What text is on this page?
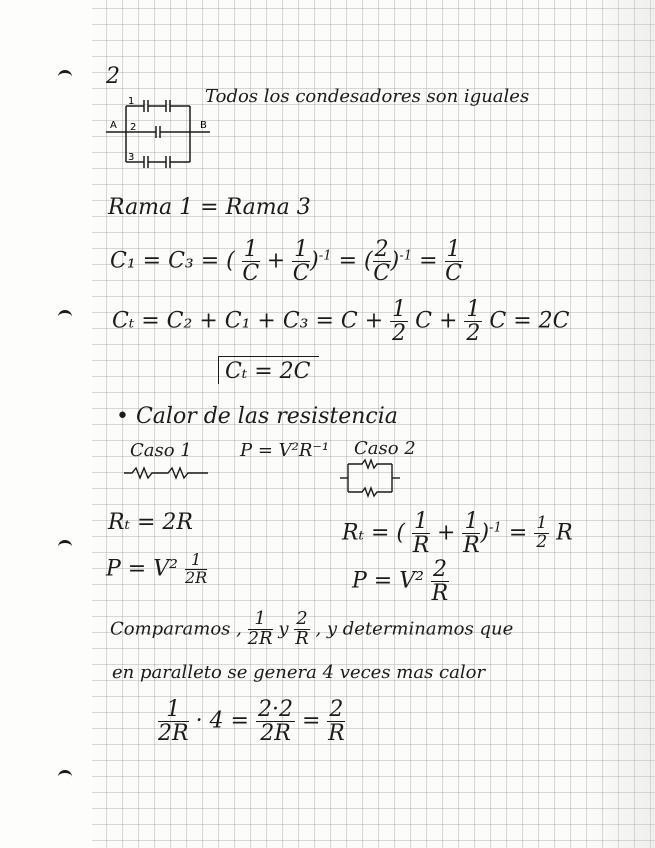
2
1
2
3
A	B
Todos los condesadores son iguales
Rama 1 = Rama 3
C₁ = C₃ = ( $\frac{1}{C} + \frac{1}{C} )^{-1}$ = ( $\frac{2}{C} )^{-1} = \frac{1}{C}$
$C_t = C_2 + C_1 + C_3 = C + \frac{1}{2}$ $C + \frac{1}{2}$ C = 2C
Cₜ = 2C
• Calor de las resistencia
Caso 1	P = V²R⁻¹ Caso 2
Rₜ = 2R
$P = V^2 \frac{1}{2R}$
Rₜ = ( $\frac{1}{R} + \frac{1}{R} )^{-1} = \frac{1}{2}$ R
$P = V^2 \frac{2}{R}$
Comparamos , $\frac{1}{2R}$ y $\frac{2}{R}$ , y determinamos que
en paralleto se genera 4 veces mas calor
$\frac{1}{2R} \cdot 4 = \frac{2\cdot 2}{2R} = \frac{2}{R}$
